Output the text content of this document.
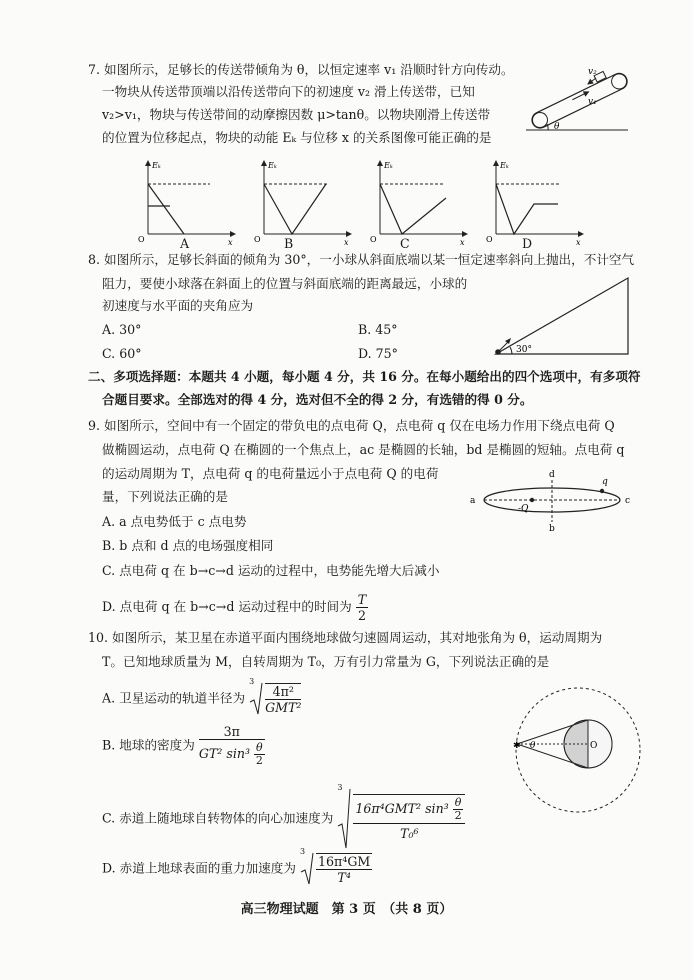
7. 如图所示，足够长的传送带倾角为 θ，以恒定速率 v₁ 沿顺时针方向传动。
一物块从传送带顶端以沿传送带向下的初速度 v₂ 滑上传送带，已知
v₂>v₁，物块与传送带间的动摩擦因数 μ>tanθ。以物块刚滑上传送带
的位置为位移起点，物块的动能 Eₖ 与位移 x 的关系图像可能正确的是
v₂
v₁
θ
Eₖ
x
O	A
Eₖ
x
O B
Eₖ
x
O C
Eₖ
x
O D
8. 如图所示，足够长斜面的倾角为 30°，一小球从斜面底端以某一恒定速率斜向上抛出，不计空气
阻力，要使小球落在斜面上的位置与斜面底端的距离最远，小球的
初速度与水平面的夹角应为
A. 30°	B. 45°
C. 60°	D. 75°	30°
二、多项选择题：本题共 4 小题，每小题 4 分，共 16 分。在每小题给出的四个选项中，有多项符
合题目要求。全部选对的得 4 分，选对但不全的得 2 分，有选错的得 0 分。
9. 如图所示，空间中有一个固定的带负电的点电荷 Q，点电荷 q 仅在电场力作用下绕点电荷 Q
做椭圆运动，点电荷 Q 在椭圆的一个焦点上，ac 是椭圆的长轴，bd 是椭圆的短轴。点电荷 q
的运动周期为 T，点电荷 q 的电荷量远小于点电荷 Q 的电荷
量，下列说法正确的是
A. a 点电势低于 c 点电势
B. b 点和 d 点的电场强度相同
C. 点电荷 q 在 b→c→d 运动的过程中，电势能先增大后减小
D. 点电荷 q 在 b→c→d 运动过程中的时间为 $\frac{T}{2}$
a	c
d
b
-Q
q
10. 如图所示，某卫星在赤道平面内围绕地球做匀速圆周运动，其对地张角为 θ，运动周期为
T。已知地球质量为 M，自转周期为 T₀，万有引力常量为 G，下列说法正确的是
A. 卫星运动的轨道半径为
3

$\frac{\text{4π²}}{\text{GMT²}}$
B. 地球的密度为 $\frac{3\pi}{GT^2 \sin^3 \frac{\theta}{2}}$
C. 赤道上随地球自转物体的向心加速度为
3

$\frac{16\pi^4GMT^2 \sin^3 \frac{\theta}{2}}{\text{T₀⁶}}$
D. 赤道上地球表面的重力加速度为
3

$\frac{\text{16π⁴GM}}{\text{T⁴}}$
✱ θ	O
高三物理试题　第 3 页　（共 8 页）
